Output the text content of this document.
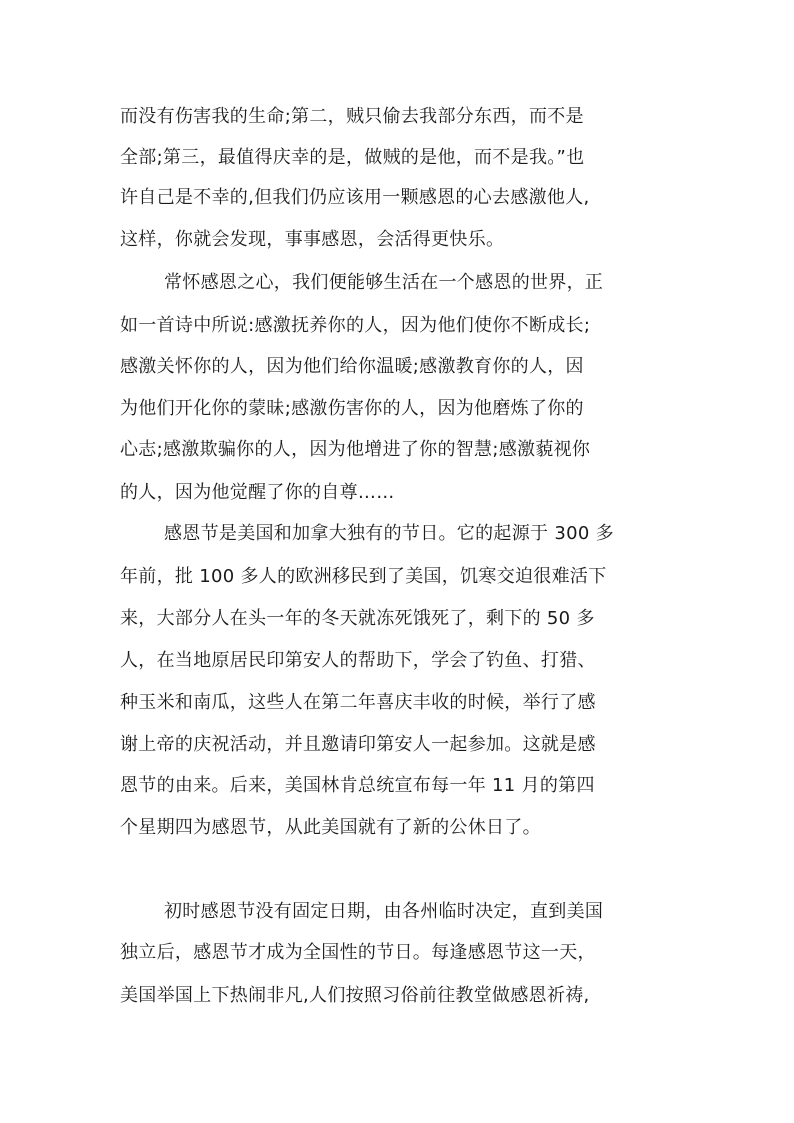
而没有伤害我的生命;第二，贼只偷去我部分东西，而不是
全部;第三，最值得庆幸的是，做贼的是他，而不是我。”也
许自己是不幸的,但我们仍应该用一颗感恩的心去感激他人,
这样，你就会发现，事事感恩，会活得更快乐。
常怀感恩之心，我们便能够生活在一个感恩的世界，正
如一首诗中所说:感激抚养你的人，因为他们使你不断成长;
感激关怀你的人，因为他们给你温暖;感激教育你的人，因
为他们开化你的蒙昧;感激伤害你的人，因为他磨炼了你的
心志;感激欺骗你的人，因为他增进了你的智慧;感激藐视你
的人，因为他觉醒了你的自尊……
感恩节是美国和加拿大独有的节日。它的起源于 300 多
年前，批 100 多人的欧洲移民到了美国，饥寒交迫很难活下
来，大部分人在头一年的冬天就冻死饿死了，剩下的 50 多
人，在当地原居民印第安人的帮助下，学会了钓鱼、打猎、
种玉米和南瓜，这些人在第二年喜庆丰收的时候，举行了感
谢上帝的庆祝活动，并且邀请印第安人一起参加。这就是感
恩节的由来。后来，美国林肯总统宣布每一年 11 月的第四
个星期四为感恩节，从此美国就有了新的公休日了。
初时感恩节没有固定日期，由各州临时决定，直到美国
独立后，感恩节才成为全国性的节日。每逢感恩节这一天，
美国举国上下热闹非凡,人们按照习俗前往教堂做感恩祈祷,
